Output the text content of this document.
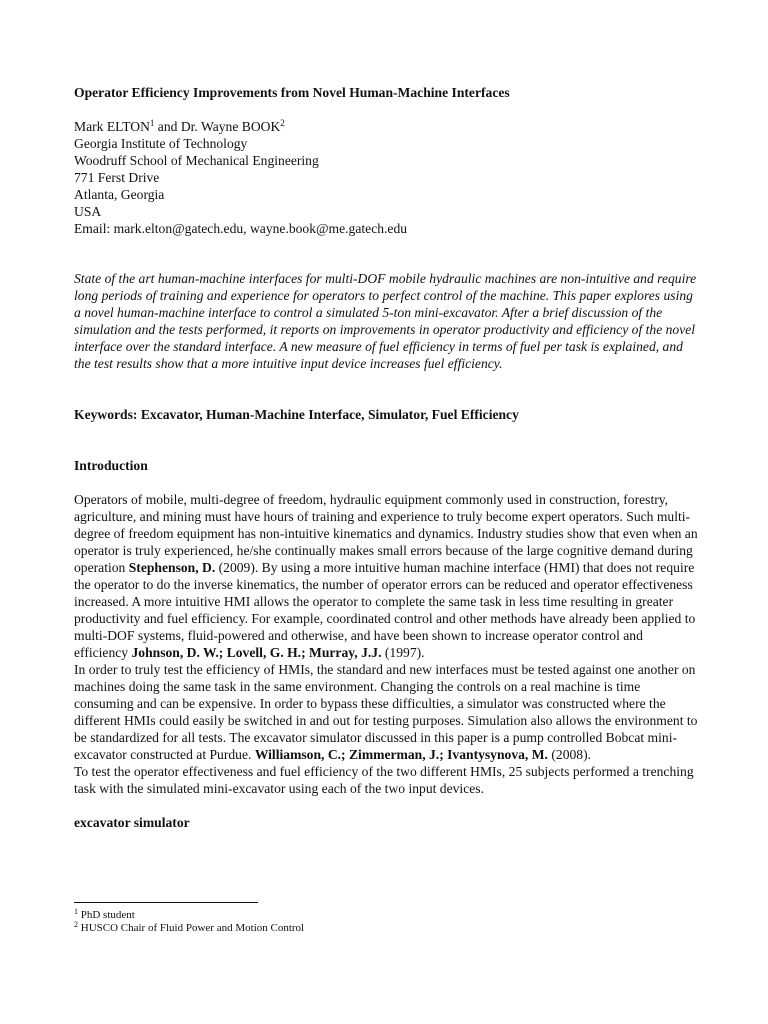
Operator Efficiency Improvements from Novel Human-Machine Interfaces

Mark ELTON$^1$ and Dr. Wayne BOOK$^2$
Georgia Institute of Technology
Woodruff School of Mechanical Engineering
771 Ferst Drive
Atlanta, Georgia
USA
Email: mark.elton@gatech.edu, wayne.book@me.gatech.edu
State of the art human-machine interfaces for multi-DOF mobile hydraulic machines are non-intuitive and require long periods of training and experience for operators to perfect control of the machine. This paper explores using a novel human-machine interface to control a simulated 5-ton mini-excavator. After a brief discussion of the simulation and the tests performed, it reports on improvements in operator productivity and efficiency of the novel interface over the standard interface. A new measure of fuel efficiency in terms of fuel per task is explained, and the test results show that a more intuitive input device increases fuel efficiency.
Keywords: Excavator, Human-Machine Interface, Simulator, Fuel Efficiency

Introduction

Operators of mobile, multi-degree of freedom, hydraulic equipment commonly used in construction, forestry, agriculture, and mining must have hours of training and experience to truly become expert operators. Such multi-degree of freedom equipment has non-intuitive kinematics and dynamics. Industry studies show that even when an operator is truly experienced, he/she continually makes small errors because of the large cognitive demand during operation Stephenson, D. (2009). By using a more intuitive human machine interface (HMI) that does not require the operator to do the inverse kinematics, the number of operator errors can be reduced and operator effectiveness increased. A more intuitive HMI allows the operator to complete the same task in less time resulting in greater productivity and fuel efficiency. For example, coordinated control and other methods have already been applied to multi-DOF systems, fluid-powered and otherwise, and have been shown to increase operator control and efficiency Johnson, D. W.; Lovell, G. H.; Murray, J.J. (1997).
In order to truly test the efficiency of HMIs, the standard and new interfaces must be tested against one another on machines doing the same task in the same environment. Changing the controls on a real machine is time consuming and can be expensive. In order to bypass these difficulties, a simulator was constructed where the different HMIs could easily be switched in and out for testing purposes. Simulation also allows the environment to be standardized for all tests. The excavator simulator discussed in this paper is a pump controlled Bobcat mini-excavator constructed at Purdue. Williamson, C.; Zimmerman, J.; Ivantysynova, M. (2008).
To test the operator effectiveness and fuel efficiency of the two different HMIs, 25 subjects performed a trenching task with the simulated mini-excavator using each of the two input devices.

excavator simulator

$^1$ PhD student
$^2$ HUSCO Chair of Fluid Power and Motion Control
